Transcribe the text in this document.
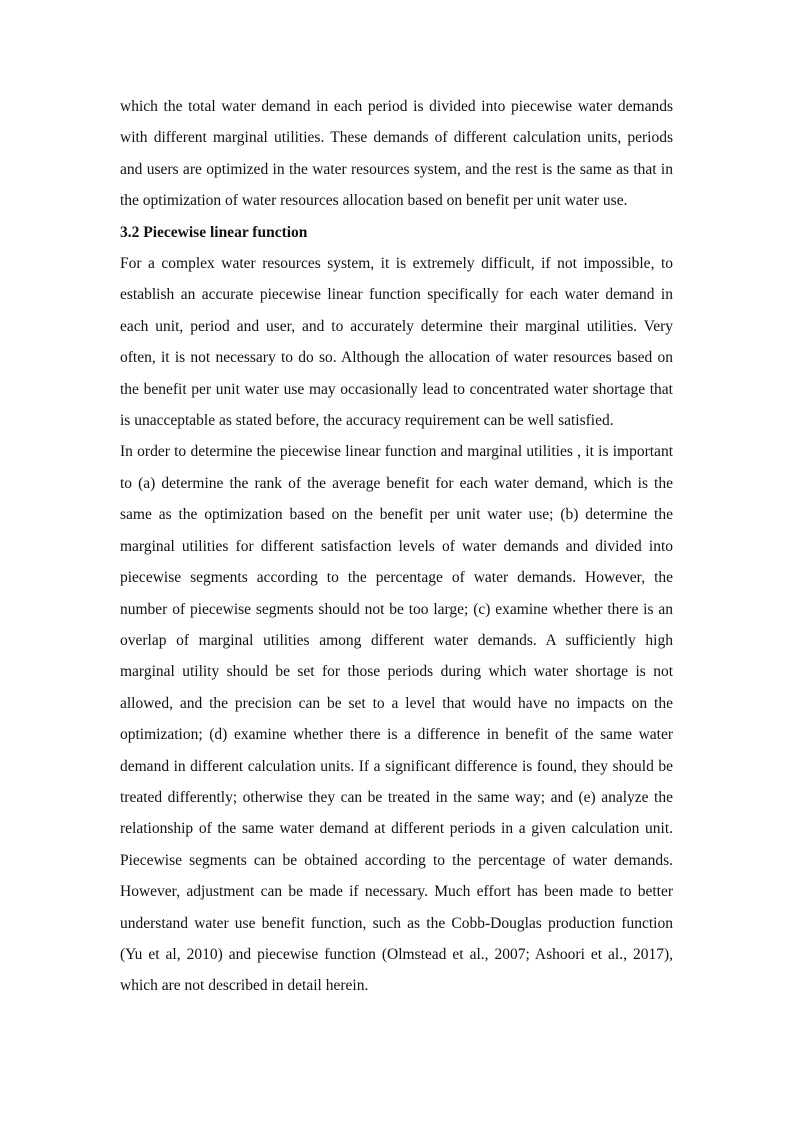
which the total water demand in each period is divided into piecewise water demands with different marginal utilities. These demands of different calculation units, periods and users are optimized in the water resources system, and the rest is the same as that in the optimization of water resources allocation based on benefit per unit water use.

3.2 Piecewise linear function

For a complex water resources system, it is extremely difficult, if not impossible, to establish an accurate piecewise linear function specifically for each water demand in each unit, period and user, and to accurately determine their marginal utilities. Very often, it is not necessary to do so. Although the allocation of water resources based on the benefit per unit water use may occasionally lead to concentrated water shortage that is unacceptable as stated before, the accuracy requirement can be well satisfied.

In order to determine the piecewise linear function and marginal utilities , it is important to (a) determine the rank of the average benefit for each water demand, which is the same as the optimization based on the benefit per unit water use; (b) determine the marginal utilities for different satisfaction levels of water demands and divided into piecewise segments according to the percentage of water demands. However, the number of piecewise segments should not be too large; (c) examine whether there is an overlap of marginal utilities among different water demands. A sufficiently high marginal utility should be set for those periods during which water shortage is not allowed, and the precision can be set to a level that would have no impacts on the optimization; (d) examine whether there is a difference in benefit of the same water demand in different calculation units. If a significant difference is found, they should be treated differently; otherwise they can be treated in the same way; and (e) analyze the relationship of the same water demand at different periods in a given calculation unit. Piecewise segments can be obtained according to the percentage of water demands. However, adjustment can be made if necessary. Much effort has been made to better understand water use benefit function, such as the Cobb-Douglas production function (Yu et al, 2010) and piecewise function (Olmstead et al., 2007; Ashoori et al., 2017), which are not described in detail herein.
